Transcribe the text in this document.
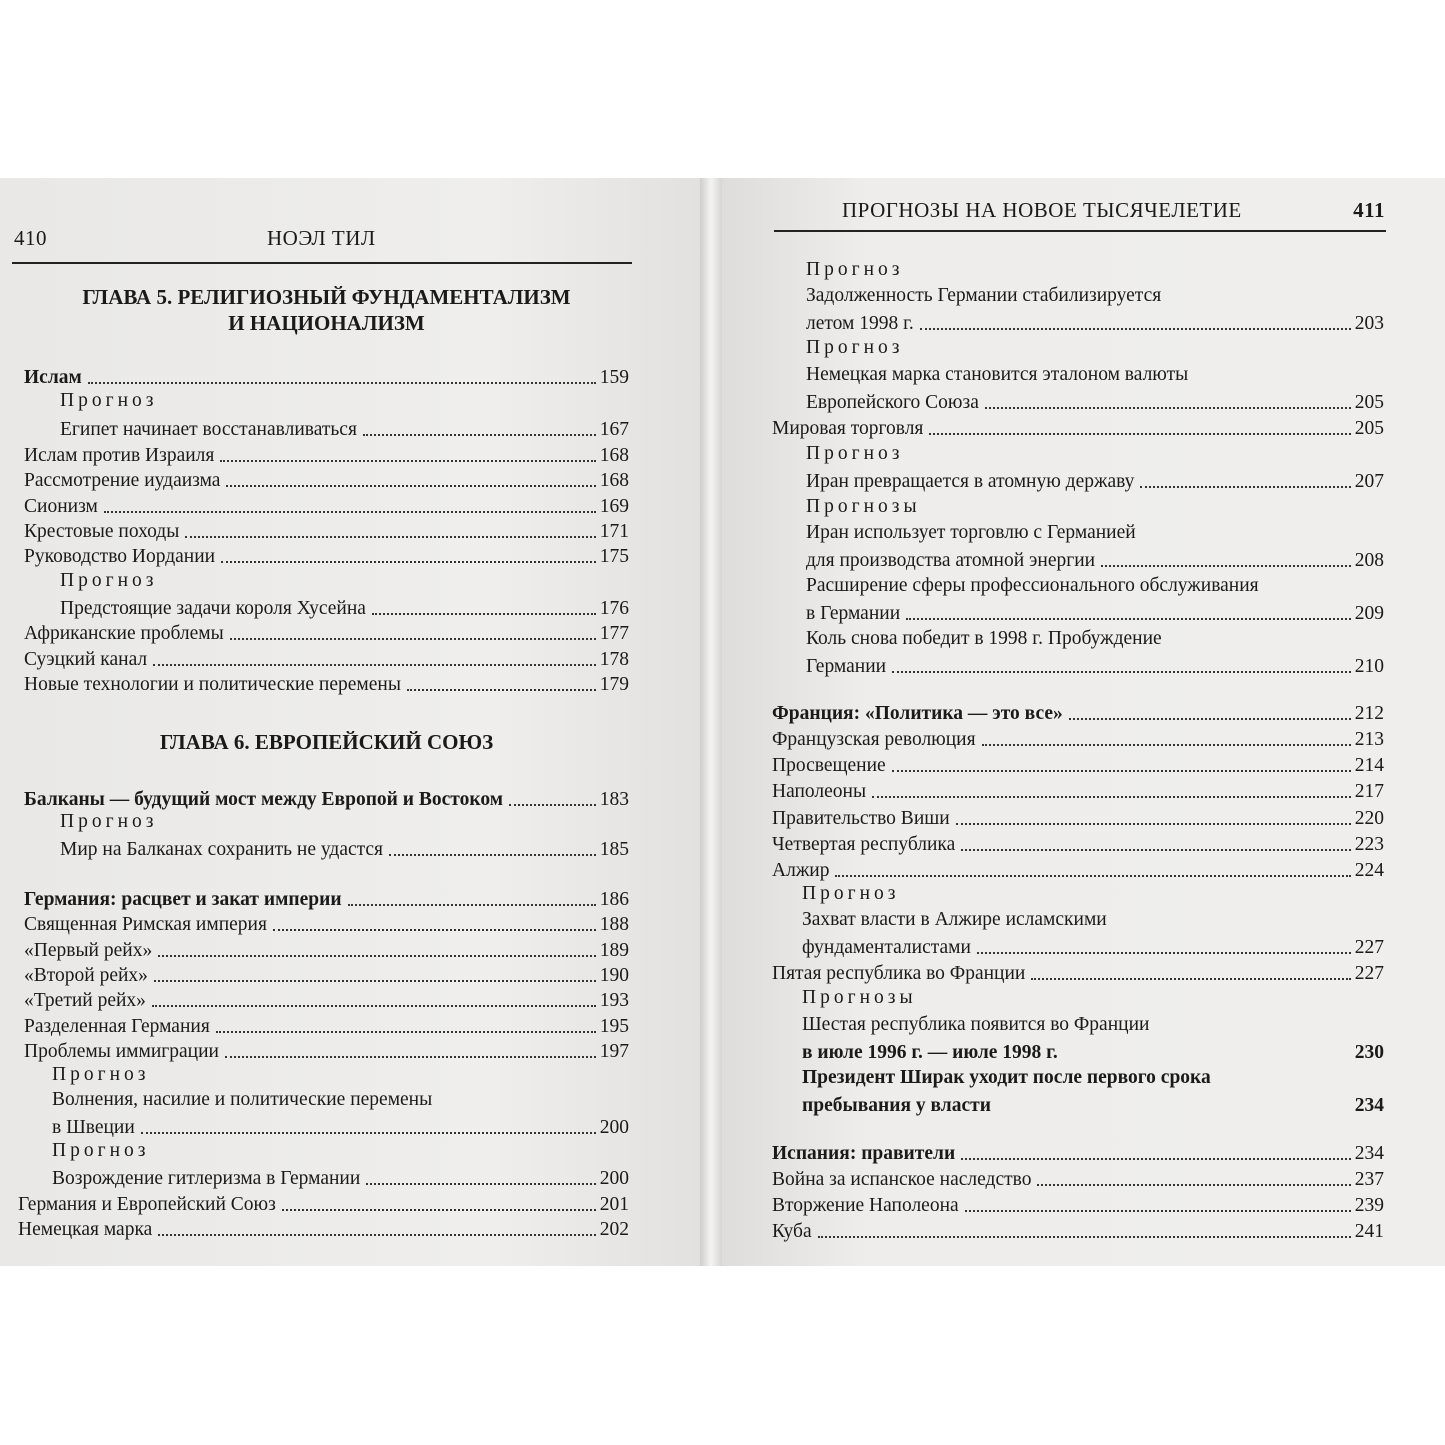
410	НОЭЛ ТИЛ
ГЛАВА 5. РЕЛИГИОЗНЫЙ ФУНДАМЕНТАЛИЗМ
И НАЦИОНАЛИЗМ
Ислам	159
Прогноз
Египет начинает восстанавливаться	167
Ислам против Израиля	168
Рассмотрение иудаизма	168
Сионизм	169
Крестовые походы	171
Руководство Иордании	175
Прогноз
Предстоящие задачи короля Хусейна	176
Африканские проблемы	177
Суэцкий канал	178
Новые технологии и политические перемены	179
ГЛАВА 6. ЕВРОПЕЙСКИЙ СОЮЗ
Балканы — будущий мост между Европой и Востоком	183
Прогноз
Мир на Балканах сохранить не удастся	185
Германия: расцвет и закат империи	186
Священная Римская империя	188
«Первый рейх»	189
«Второй рейх»	190
«Третий рейх»	193
Разделенная Германия	195
Проблемы иммиграции	197
Прогноз
Волнения, насилие и политические перемены
в Швеции	200
Прогноз
Возрождение гитлеризма в Германии	200
Германия и Европейский Союз	201
Немецкая марка	202
ПРОГНОЗЫ НА НОВОЕ ТЫСЯЧЕЛЕТИЕ	411
Прогноз
Задолженность Германии стабилизируется
летом 1998 г.	203
Прогноз
Немецкая марка становится эталоном валюты
Европейского Союза	205
Мировая торговля	205
Прогноз
Иран превращается в атомную державу	207
Прогнозы
Иран использует торговлю с Германией
для производства атомной энергии	208
Расширение сферы профессионального обслуживания
в Германии	209
Коль снова победит в 1998 г. Пробуждение
Германии	210
Франция: «Политика — это все»	212
Французская революция	213
Просвещение	214
Наполеоны	217
Правительство Виши	220
Четвертая республика	223
Алжир	224
Прогноз
Захват власти в Алжире исламскими
фундаменталистами	227
Пятая республика во Франции	227
Прогнозы
Шестая республика появится во Франции
в июле 1996 г. — июле 1998 г.	230
Президент Ширак уходит после первого срока
пребывания у власти	234
Испания: правители	234
Война за испанское наследство	237
Вторжение Наполеона	239
Куба	241
